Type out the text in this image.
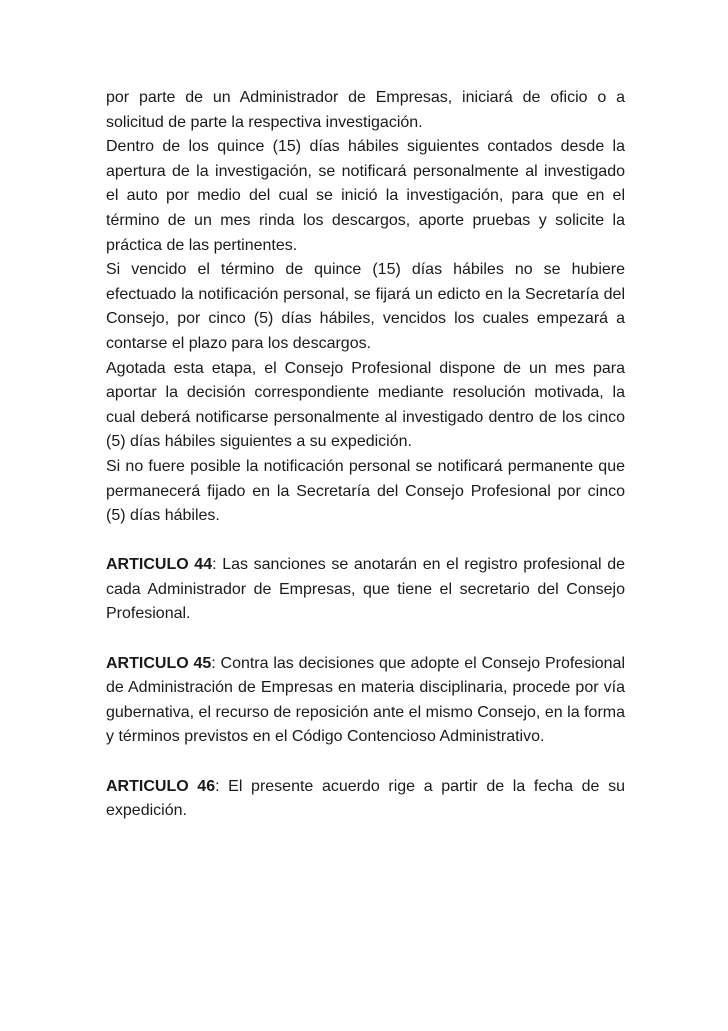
por parte de un Administrador de Empresas, iniciará de oficio o a solicitud de parte la respectiva investigación.

Dentro de los quince (15) días hábiles siguientes contados desde la apertura de la investigación, se notificará personalmente al investigado el auto por medio del cual se inició la investigación, para que en el término de un mes rinda los descargos, aporte pruebas y solicite la práctica de las pertinentes.

Si vencido el término de quince (15) días hábiles no se hubiere efectuado la notificación personal, se fijará un edicto en la Secretaría del Consejo, por cinco (5) días hábiles, vencidos los cuales empezará a contarse el plazo para los descargos.

Agotada esta etapa, el Consejo Profesional dispone de un mes para aportar la decisión correspondiente mediante resolución motivada, la cual deberá notificarse personalmente al investigado dentro de los cinco (5) días hábiles siguientes a su expedición.

Si no fuere posible la notificación personal se notificará permanente que permanecerá fijado en la Secretaría del Consejo Profesional por cinco (5) días hábiles.

ARTICULO 44: Las sanciones se anotarán en el registro profesional de cada Administrador de Empresas, que tiene el secretario del Consejo Profesional.

ARTICULO 45: Contra las decisiones que adopte el Consejo Profesional de Administración de Empresas en materia disciplinaria, procede por vía gubernativa, el recurso de reposición ante el mismo Consejo, en la forma y términos previstos en el Código Contencioso Administrativo.

ARTICULO 46: El presente acuerdo rige a partir de la fecha de su expedición.
